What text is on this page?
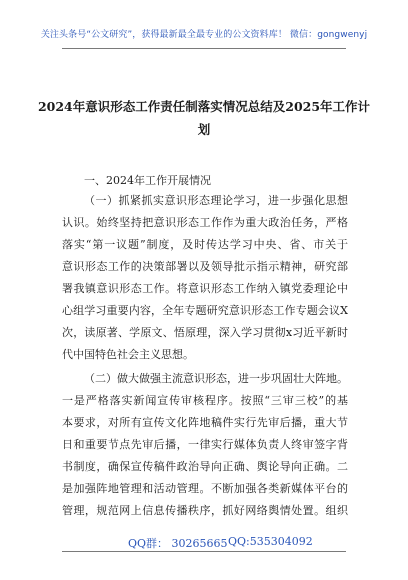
关注头条号“公文研究”，获得最新最全最专业的公文资料库！ 微信：gongwenyj
2024年意识形态工作责任制落实情况总结及2025年工作计
划
一、2024年工作开展情况
（一）抓紧抓实意识形态理论学习，进一步强化思想
认识。始终坚持把意识形态工作作为重大政治任务，严格
落实“第一议题”制度，及时传达学习中央、省、市关于
意识形态工作的决策部署以及领导批示指示精神，研究部
署我镇意识形态工作。将意识形态工作纳入镇党委理论中
心组学习重要内容，全年专题研究意识形态工作专题会议X
次，读原著、学原文、悟原理，深入学习贯彻x习近平新时
代中国特色社会主义思想。
（二）做大做强主流意识形态，进一步巩固壮大阵地。
一是严格落实新闻宣传审核程序。按照“三审三校”的基
本要求，对所有宣传文化阵地稿件实行先审后播，重大节
日和重要节点先审后播，一律实行媒体负责人终审签字背
书制度，确保宣传稿件政治导向正确、舆论导向正确。二
是加强阵地管理和活动管理。不断加强各类新媒体平台的
管理，规范网上信息传播秩序，抓好网络舆情处置。组织
QQ群： 30265665 QQ:535304092
